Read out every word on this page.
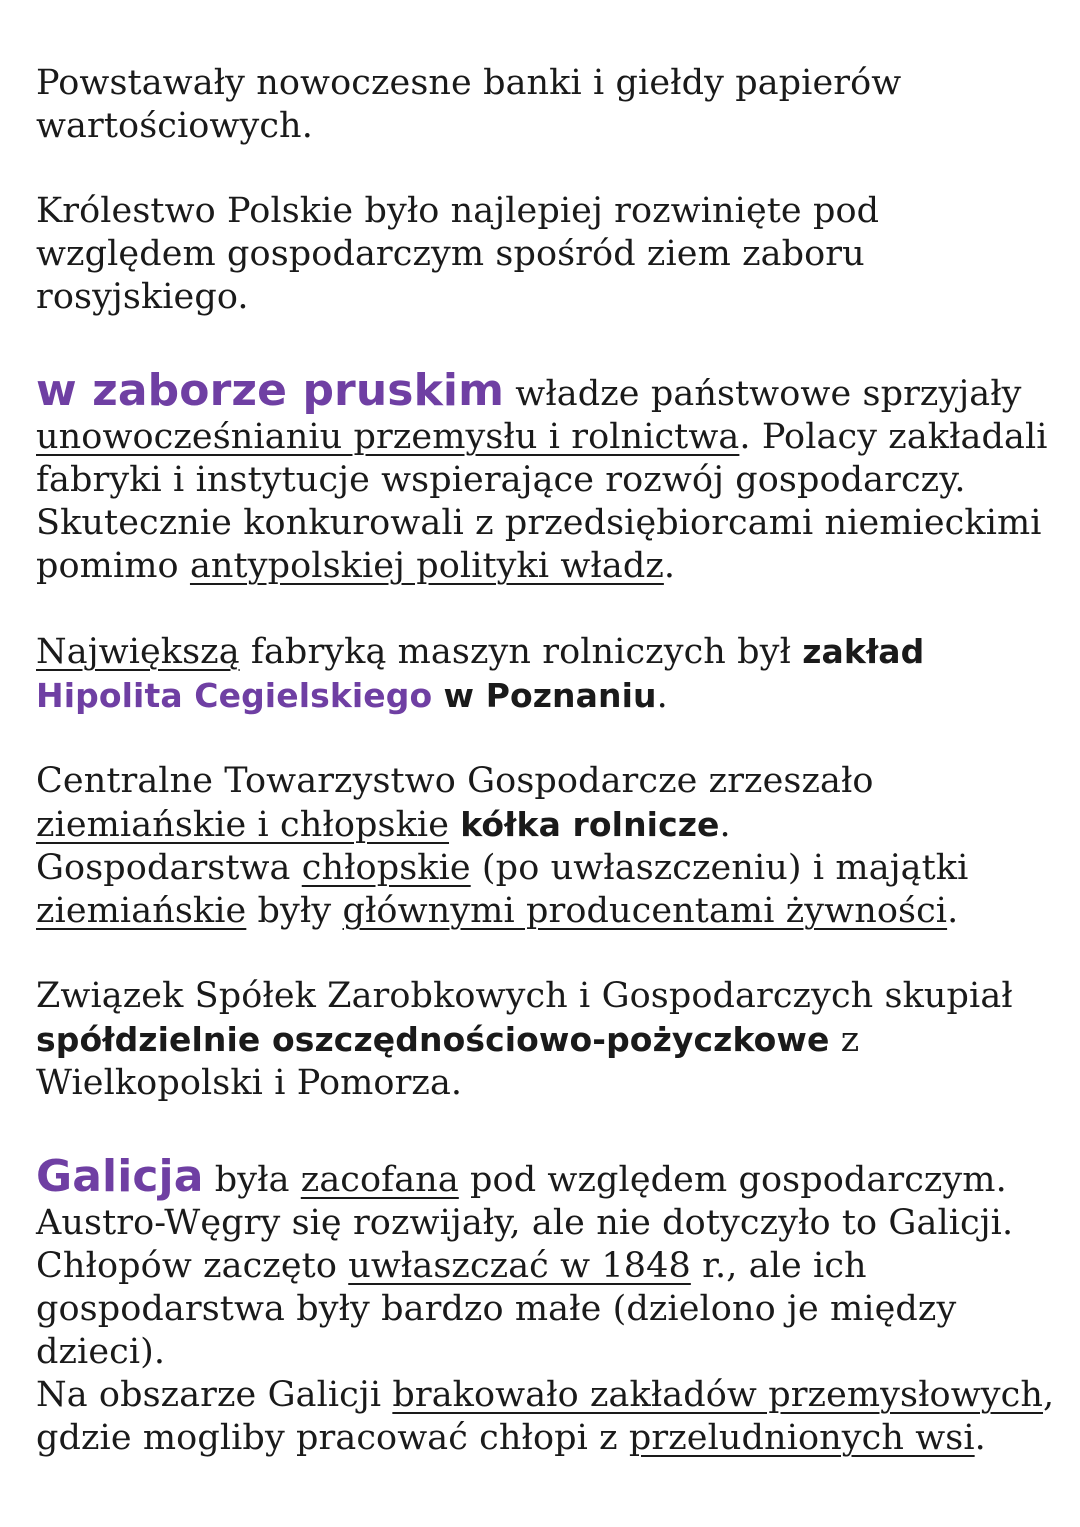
Powstawały nowoczesne banki i giełdy papierów wartościowych.

Królestwo Polskie było najlepiej rozwinięte pod względem gospodarczym spośród ziem zaboru rosyjskiego.

w zaborze pruskim władze państwowe sprzyjały unowocześnianiu przemysłu i rolnictwa. Polacy zakładali fabryki i instytucje wspierające rozwój gospodarczy. Skutecznie konkurowali z przedsiębiorcami niemieckimi pomimo antypolskiej polityki władz.

Największą fabryką maszyn rolniczych był zakład Hipolita Cegielskiego w Poznaniu.

Centralne Towarzystwo Gospodarcze zrzeszało ziemiańskie i chłopskie kółka rolnicze.

Gospodarstwa chłopskie (po uwłaszczeniu) i majątki ziemiańskie były głównymi producentami żywności.

Związek Spółek Zarobkowych i Gospodarczych skupiał spółdzielnie oszczędnościowo-pożyczkowe z Wielkopolski i Pomorza.

Galicja była zacofana pod względem gospodarczym. Austro-Węgry się rozwijały, ale nie dotyczyło to Galicji. Chłopów zaczęto uwłaszczać w 1848 r., ale ich gospodarstwa były bardzo małe (dzielono je między dzieci).

Na obszarze Galicji brakowało zakładów przemysłowych, gdzie mogliby pracować chłopi z przeludnionych wsi.
